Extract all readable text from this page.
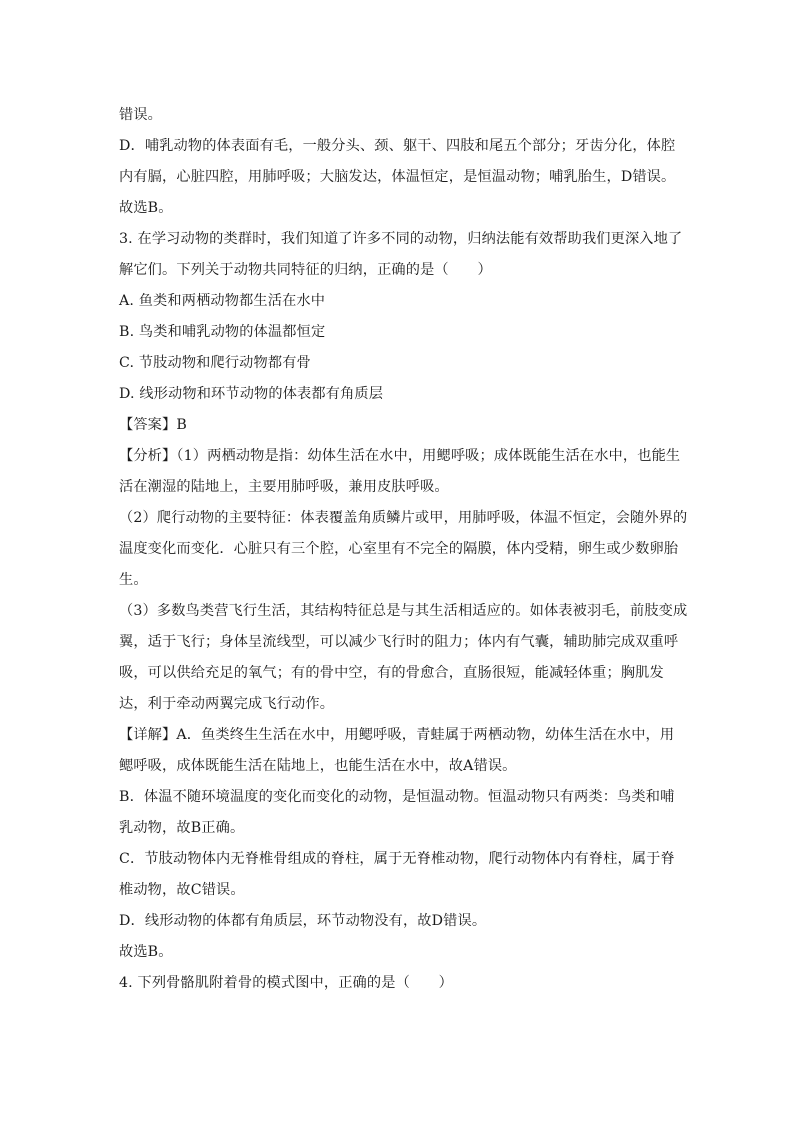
错误。
D．哺乳动物的体表面有毛，一般分头、颈、躯干、四肢和尾五个部分；牙齿分化，体腔
内有膈，心脏四腔，用肺呼吸；大脑发达，体温恒定，是恒温动物；哺乳胎生，D错误。
故选B。
3. 在学习动物的类群时，我们知道了许多不同的动物，归纳法能有效帮助我们更深入地了
解它们。下列关于动物共同特征的归纳，正确的是（　　）
A. 鱼类和两栖动物都生活在水中
B. 鸟类和哺乳动物的体温都恒定
C. 节肢动物和爬行动物都有骨
D. 线形动物和环节动物的体表都有角质层
【答案】B
【分析】（1）两栖动物是指：幼体生活在水中，用鳃呼吸；成体既能生活在水中，也能生
活在潮湿的陆地上，主要用肺呼吸，兼用皮肤呼吸。
（2）爬行动物的主要特征：体表覆盖角质鳞片或甲，用肺呼吸，体温不恒定，会随外界的
温度变化而变化．心脏只有三个腔，心室里有不完全的隔膜，体内受精，卵生或少数卵胎
生。
（3）多数鸟类营飞行生活，其结构特征总是与其生活相适应的。如体表被羽毛，前肢变成
翼，适于飞行；身体呈流线型，可以减少飞行时的阻力；体内有气囊，辅助肺完成双重呼
吸，可以供给充足的氧气；有的骨中空，有的骨愈合，直肠很短，能减轻体重；胸肌发
达，利于牵动两翼完成飞行动作。
【详解】A．鱼类终生生活在水中，用鳃呼吸，青蛙属于两栖动物，幼体生活在水中，用
鳃呼吸，成体既能生活在陆地上，也能生活在水中，故A错误。
B．体温不随环境温度的变化而变化的动物，是恒温动物。恒温动物只有两类：鸟类和哺
乳动物，故B正确。
C．节肢动物体内无脊椎骨组成的脊柱，属于无脊椎动物，爬行动物体内有脊柱，属于脊
椎动物，故C错误。
D．线形动物的体都有角质层，环节动物没有，故D错误。
故选B。
4. 下列骨骼肌附着骨的模式图中，正确的是（　　）
